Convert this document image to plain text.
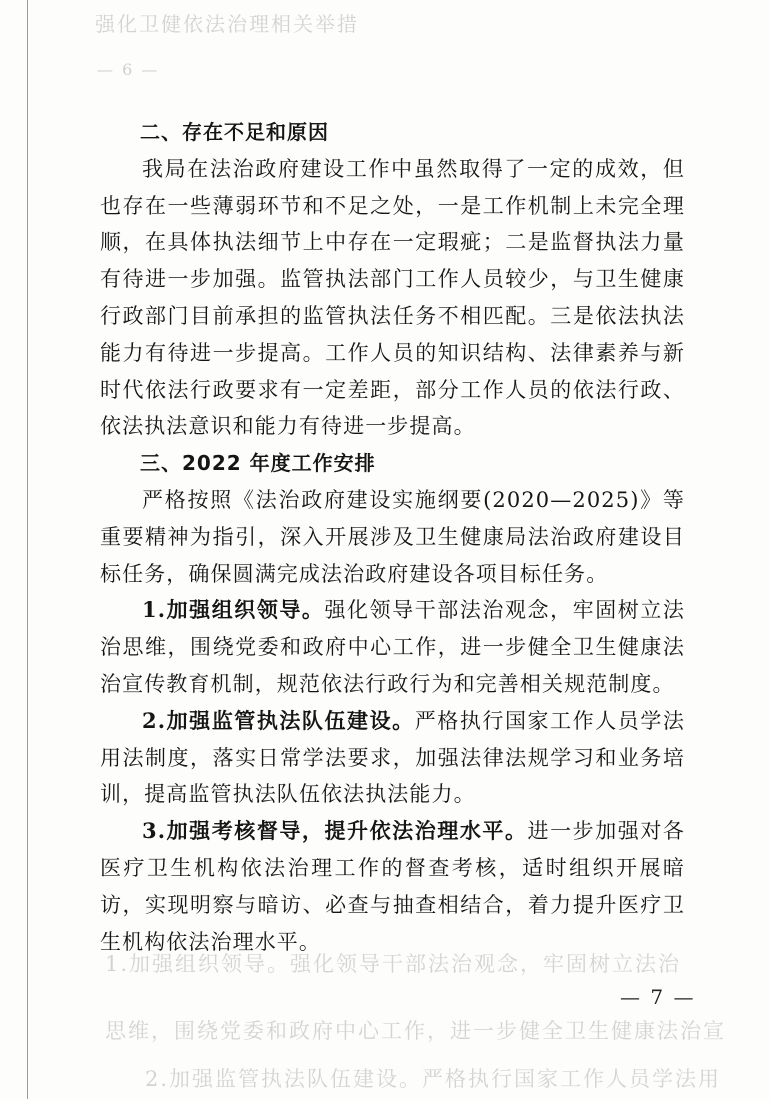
强化卫健依法治理相关举措
— 6 —

二、存在不足和原因

我局在法治政府建设工作中虽然取得了一定的成效，但也存在一些薄弱环节和不足之处，一是工作机制上未完全理顺，在具体执法细节上中存在一定瑕疵；二是监督执法力量有待进一步加强。监管执法部门工作人员较少，与卫生健康行政部门目前承担的监管执法任务不相匹配。三是依法执法能力有待进一步提高。工作人员的知识结构、法律素养与新时代依法行政要求有一定差距，部分工作人员的依法行政、依法执法意识和能力有待进一步提高。

三、2022 年度工作安排

严格按照《法治政府建设实施纲要(2020—2025)》等重要精神为指引，深入开展涉及卫生健康局法治政府建设目标任务，确保圆满完成法治政府建设各项目标任务。

1.加强组织领导。强化领导干部法治观念，牢固树立法治思维，围绕党委和政府中心工作，进一步健全卫生健康法治宣传教育机制，规范依法行政行为和完善相关规范制度。

2.加强监管执法队伍建设。严格执行国家工作人员学法用法制度，落实日常学法要求，加强法律法规学习和业务培训，提高监管执法队伍依法执法能力。

3.加强考核督导，提升依法治理水平。进一步加强对各医疗卫生机构依法治理工作的督查考核，适时组织开展暗访，实现明察与暗访、必查与抽查相结合，着力提升医疗卫生机构依法治理水平。

1.加强组织领导。强化领导干部法治观念，牢固树立法治
思维，围绕党委和政府中心工作，进一步健全卫生健康法治宣
2.加强监管执法队伍建设。严格执行国家工作人员学法用
— 7 —
